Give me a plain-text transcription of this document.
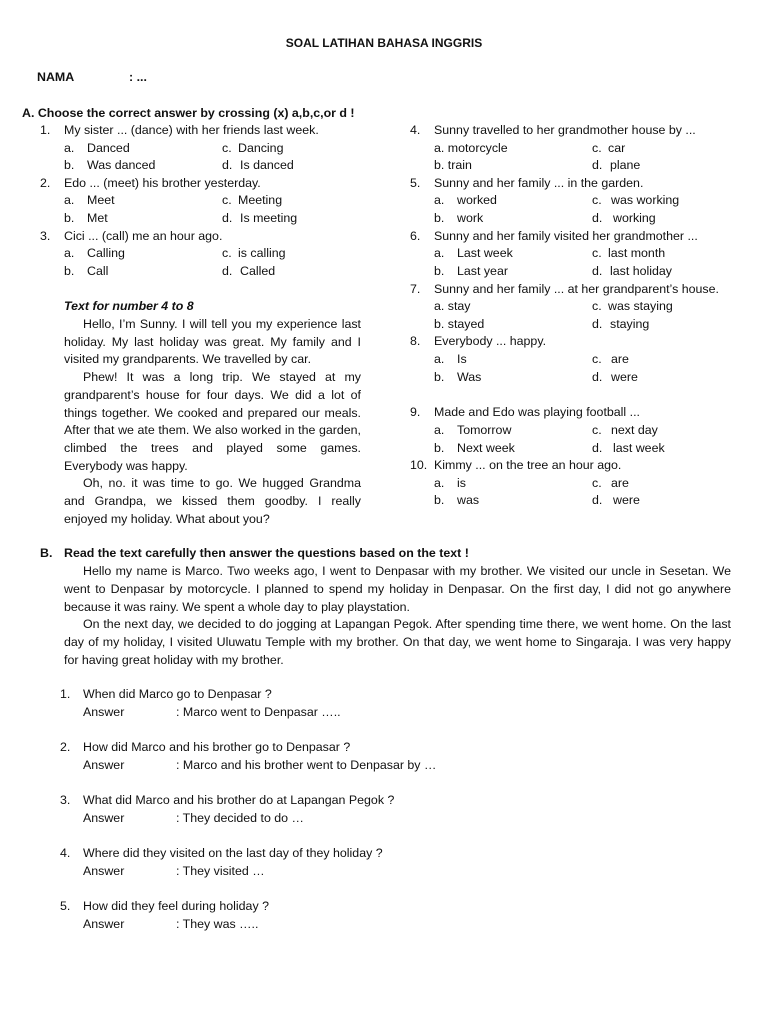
SOAL LATIHAN BAHASA INGGRIS
NAMA	: ...
A. Choose the correct answer by crossing (x) a,b,c,or d !
1. My sister ... (dance) with her friends last week.
a. Danced	c. Dancing
b. Was danced	d. Is danced
2. Edo ... (meet) his brother yesterday.
a. Meet	c. Meeting
b. Met	d. Is meeting
3. Cici ... (call) me an hour ago.
a. Calling	c. is calling
b. Call	d. Called
Text for number 4 to 8

Hello, I’m Sunny. I will tell you my experience last holiday. My last holiday was great. My family and I visited my grandparents. We travelled by car.

Phew! It was a long trip. We stayed at my grandparent’s house for four days. We did a lot of things together. We cooked and prepared our meals. After that we ate them. We also worked in the garden, climbed the trees and played some games. Everybody was happy.

Oh, no. it was time to go. We hugged Grandma and Grandpa, we kissed them goodby. I really enjoyed my holiday. What about you?

4. Sunny travelled to her grandmother house by ...
a. motorcycle	c. car
b. train	d. plane
5. Sunny and her family ... in the garden.
a. worked	c. was working
b. work	d. working
6. Sunny and her family visited her grandmother ...
a. Last week	c. last month
b. Last year	d. last holiday
7. Sunny and her family ... at her grandparent’s house.
a. stay	c. was staying
b. stayed	d. staying
8. Everybody ... happy.
a. Is	c. are
b. Was	d. were
9. Made and Edo was playing football ...
a. Tomorrow	c. next day
b. Next week	d. last week
10. Kimmy ... on the tree an hour ago.
a. is	c. are
b. was	d. were
B. Read the text carefully then answer the questions based on the text !

Hello my name is Marco. Two weeks ago, I went to Denpasar with my brother. We visited our uncle in Sesetan. We went to Denpasar by motorcycle. I planned to spend my holiday in Denpasar. On the first day, I did not go anywhere because it was rainy. We spent a whole day to play playstation.

On the next day, we decided to do jogging at Lapangan Pegok. After spending time there, we went home. On the last day of my holiday, I visited Uluwatu Temple with my brother. On that day, we went home to Singaraja. I was very happy for having great holiday with my brother.

1. When did Marco go to Denpasar ?
Answer	: Marco went to Denpasar …..
2. How did Marco and his brother go to Denpasar ?
Answer	: Marco and his brother went to Denpasar by …
3. What did Marco and his brother do at Lapangan Pegok ?
Answer	: They decided to do …
4. Where did they visited on the last day of they holiday ?
Answer	: They visited …
5. How did they feel during holiday ?
Answer	: They was …..
